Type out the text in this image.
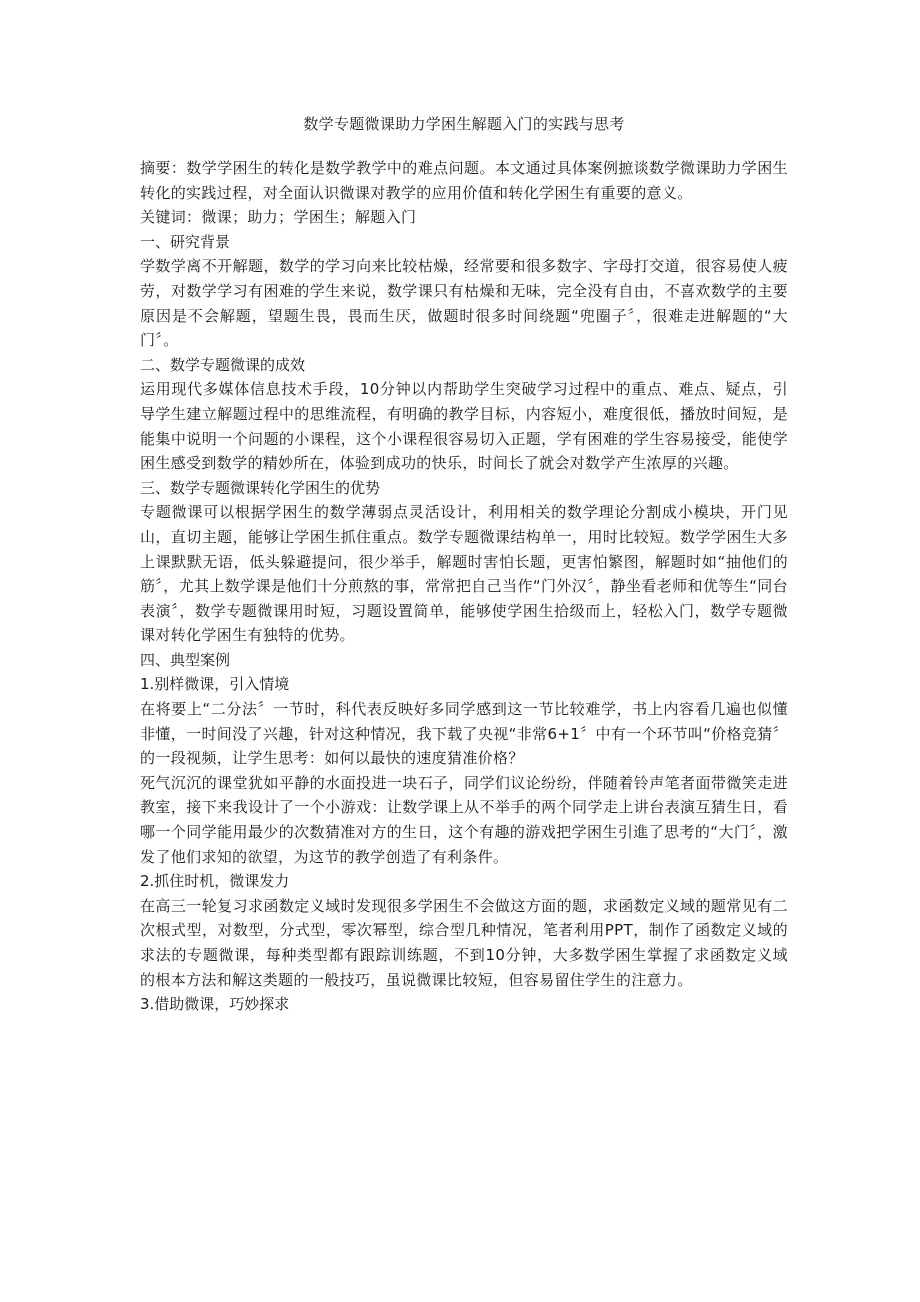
数学专题微课助力学困生解题入门的实践与思考

摘要：数学学困生的转化是数学教学中的难点问题。本文通过具体案例摭谈数学微课助力学困生转化的实践过程，对全面认识微课对教学的应用价值和转化学困生有重要的意义。

关键词：微课；助力；学困生；解题入门

一、研究背景

学数学离不开解题，数学的学习向来比较枯燥，经常要和很多数字、字母打交道，很容易使人疲劳，对数学学习有困难的学生来说，数学课只有枯燥和无味，完全没有自由，不喜欢数学的主要原因是不会解题，望题生畏，畏而生厌，做题时很多时间绕题“兜圈子〞，很难走进解题的“大门〞。

二、数学专题微课的成效

运用现代多媒体信息技术手段，10分钟以内帮助学生突破学习过程中的重点、难点、疑点，引导学生建立解题过程中的思维流程，有明确的教学目标，内容短小，难度很低，播放时间短，是能集中说明一个问题的小课程，这个小课程很容易切入正题，学有困难的学生容易接受，能使学困生感受到数学的精妙所在，体验到成功的快乐，时间长了就会对数学产生浓厚的兴趣。

三、数学专题微课转化学困生的优势

专题微课可以根据学困生的数学薄弱点灵活设计，利用相关的数学理论分割成小模块，开门见山，直切主题，能够让学困生抓住重点。数学专题微课结构单一，用时比较短。数学学困生大多上课默默无语，低头躲避提问，很少举手，解题时害怕长题，更害怕繁图，解题时如“抽他们的筋〞，尤其上数学课是他们十分煎熬的事，常常把自己当作“门外汉〞，静坐看老师和优等生“同台表演〞，数学专题微课用时短，习题设置简单，能够使学困生拾级而上，轻松入门，数学专题微课对转化学困生有独特的优势。

四、典型案例
1.别样微课，引入情境

在将要上“二分法〞一节时，科代表反映好多同学感到这一节比较难学，书上内容看几遍也似懂非懂，一时间没了兴趣，针对这种情况，我下载了央视“非常6+1〞中有一个环节叫“价格竞猜〞的一段视频，让学生思考：如何以最快的速度猜准价格？

死气沉沉的课堂犹如平静的水面投进一块石子，同学们议论纷纷，伴随着铃声笔者面带微笑走进教室，接下来我设计了一个小游戏：让数学课上从不举手的两个同学走上讲台表演互猜生日，看哪一个同学能用最少的次数猜准对方的生日，这个有趣的游戏把学困生引進了思考的“大门〞，激发了他们求知的欲望，为这节的教学创造了有利条件。

2.抓住时机，微课发力

在高三一轮复习求函数定义域时发现很多学困生不会做这方面的题，求函数定义域的题常见有二次根式型，对数型，分式型，零次幂型，综合型几种情况，笔者利用PPT，制作了函数定义域的求法的专题微课，每种类型都有跟踪训练题，不到10分钟，大多数学困生掌握了求函数定义域的根本方法和解这类题的一般技巧，虽说微课比较短，但容易留住学生的注意力。

3.借助微课，巧妙探求
